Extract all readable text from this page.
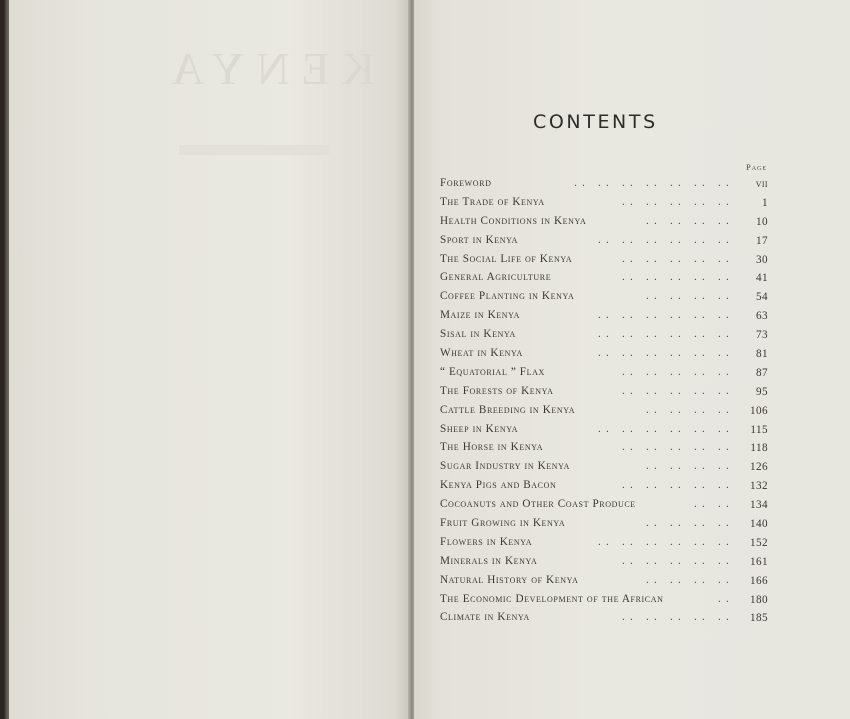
KENYA
CONTENTS
Page
Foreword	.. .. .. .. .. .. .. vii
The Trade of Kenya	.. .. .. .. ..	1
Health Conditions in Kenya	.. .. .. .. 10
Sport in Kenya	.. .. .. .. .. .. 17
The Social Life of Kenya	.. .. .. .. .. 30
General Agriculture	.. .. .. .. .. 41
Coffee Planting in Kenya	.. .. .. .. 54
Maize in Kenya	.. .. .. .. .. .. 63
Sisal in Kenya	.. .. .. .. .. .. 73
Wheat in Kenya	.. .. .. .. .. .. 81
“ Equatorial ” Flax	.. .. .. .. .. 87
The Forests of Kenya	.. .. .. .. .. 95
Cattle Breeding in Kenya	.. .. .. .. 106
Sheep in Kenya	.. .. .. .. .. .. 115
The Horse in Kenya	.. .. .. .. .. 118
Sugar Industry in Kenya	.. .. .. .. 126
Kenya Pigs and Bacon	.. .. .. .. .. 132
Cocoanuts and Other Coast Produce	.. .. 134
Fruit Growing in Kenya	.. .. .. .. 140
Flowers in Kenya	.. .. .. .. .. .. 152
Minerals in Kenya	.. .. .. .. .. 161
Natural History of Kenya	.. .. .. .. 166
The Economic Development of the African	.. 180
Climate in Kenya	.. .. .. .. .. 185
